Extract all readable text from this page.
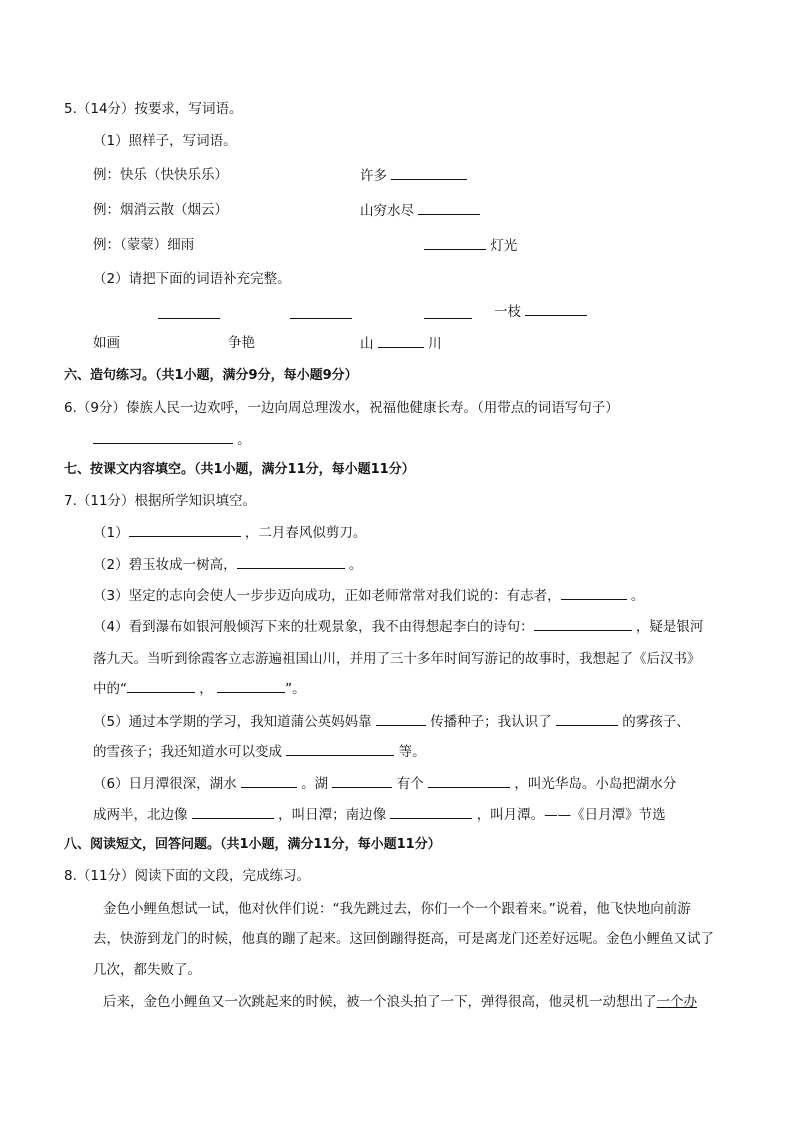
5.（14分）按要求，写词语。
（1）照样子，写词语。
例：快乐（快快乐乐）	许多
例：烟消云散（烟云）	山穷水尽
例：（蒙蒙）细雨	灯光
（2）请把下面的词语补充完整。
一枝
如画	争艳	山	川
六、造句练习。（共1小题，满分9分，每小题9分）
6.（9分）傣族人民一边欢呼，一边向周总理泼水，祝福他健康长寿。（用带点的词语写句子）
。
七、按课文内容填空。（共1小题，满分11分，每小题11分）
7.（11分）根据所学知识填空。
（1）	，二月春风似剪刀。
（2）碧玉妆成一树高，	。
（3）坚定的志向会使人一步步迈向成功，正如老师常常对我们说的：有志者，	。
（4）看到瀑布如银河般倾泻下来的壮观景象，我不由得想起李白的诗句：	，疑是银河
落九天。当听到徐霞客立志游遍祖国山川，并用了三十多年时间写游记的故事时，我想起了《后汉书》
中的“	，	”。
（5）通过本学期的学习，我知道蒲公英妈妈靠	传播种子；我认识了	的雾孩子、
的雪孩子；我还知道水可以变成	等。
（6）日月潭很深，湖水	。湖	有个	，叫光华岛。小岛把湖水分
成两半，北边像	，叫日潭；南边像	，叫月潭。——《日月潭》节选
八、阅读短文，回答问题。（共1小题，满分11分，每小题11分）
8.（11分）阅读下面的文段，完成练习。
金色小鲤鱼想试一试，他对伙伴们说：“我先跳过去，你们一个一个跟着来。”说着，他飞快地向前游
去，快游到龙门的时候，他真的蹦了起来。这回倒蹦得挺高，可是离龙门还差好远呢。金色小鲤鱼又试了
几次，都失败了。
后来，金色小鲤鱼又一次跳起来的时候，被一个浪头拍了一下，弹得很高，他灵机一动想出了一个办
